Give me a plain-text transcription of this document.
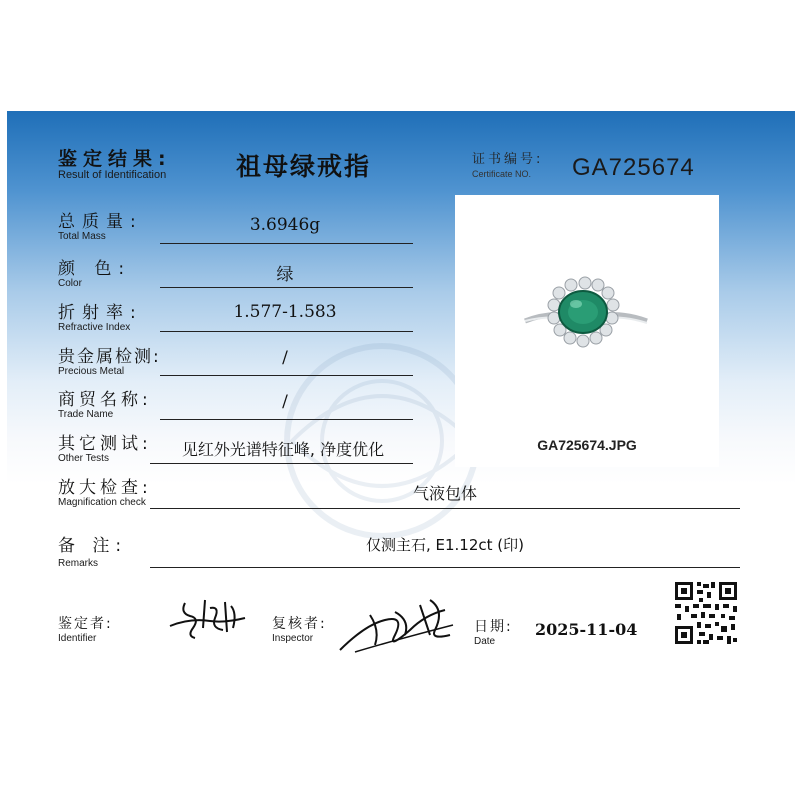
鉴定结果:
Result of Identification	祖母绿戒指	证书编号:
Certificate NO.	GA725674
总质量:
Total Mass
3.6946g
颜 色:
Color	绿
折射率:
Refractive Index
1.577-1.583
贵金属检测:
Precious Metal
/
商贸名称:
Trade Name
/
其它测试:
Other Tests	见红外光谱特征峰, 净度优化
放大检查:
Magnification check	气液包体
备 注:
Remarks
仅测主石, E1.12ct (印)
GA725674.JPG
鉴定者:
Identifier
复核者:
Inspector
日期:
Date
2025-11-04
